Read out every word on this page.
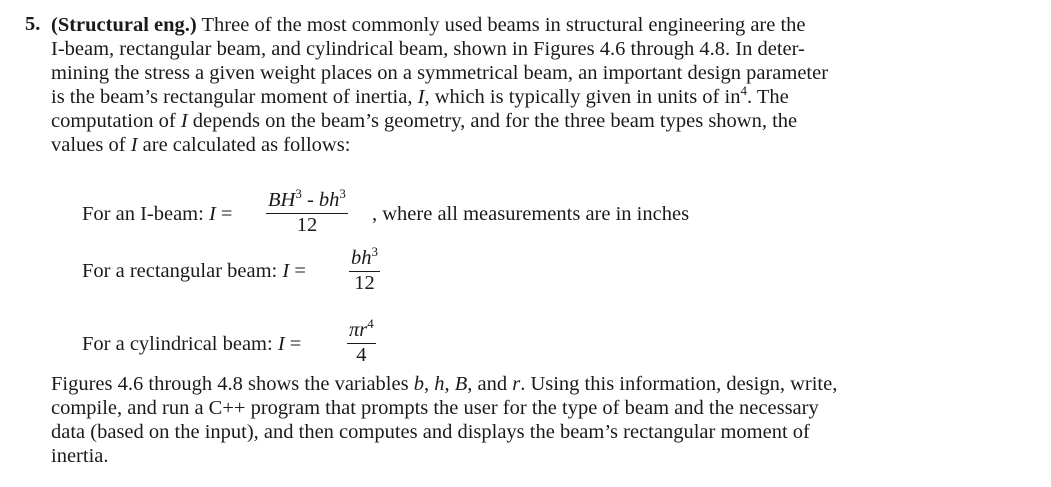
5. (Structural eng.) Three of the most commonly used beams in structural engineering are the
I-beam, rectangular beam, and cylindrical beam, shown in Figures 4.6 through 4.8. In deter-
mining the stress a given weight places on a symmetrical beam, an important design parameter
is the beam’s rectangular moment of inertia, I, which is typically given in units of $in^4$. The
computation of I depends on the beam’s geometry, and for the three beam types shown, the
values of I are calculated as follows:
For an I-beam: $I = \frac{BH^3 - bh^3}{12}$ , where all measurements are in inches
For a rectangular beam: $I = \frac{bh^3}{12}$
For a cylindrical beam: $I = \frac{\pi r^4}{4}$
Figures 4.6 through 4.8 shows the variables b, h, B, and r. Using this information, design, write,
compile, and run a C++ program that prompts the user for the type of beam and the necessary
data (based on the input), and then computes and displays the beam’s rectangular moment of
inertia.
